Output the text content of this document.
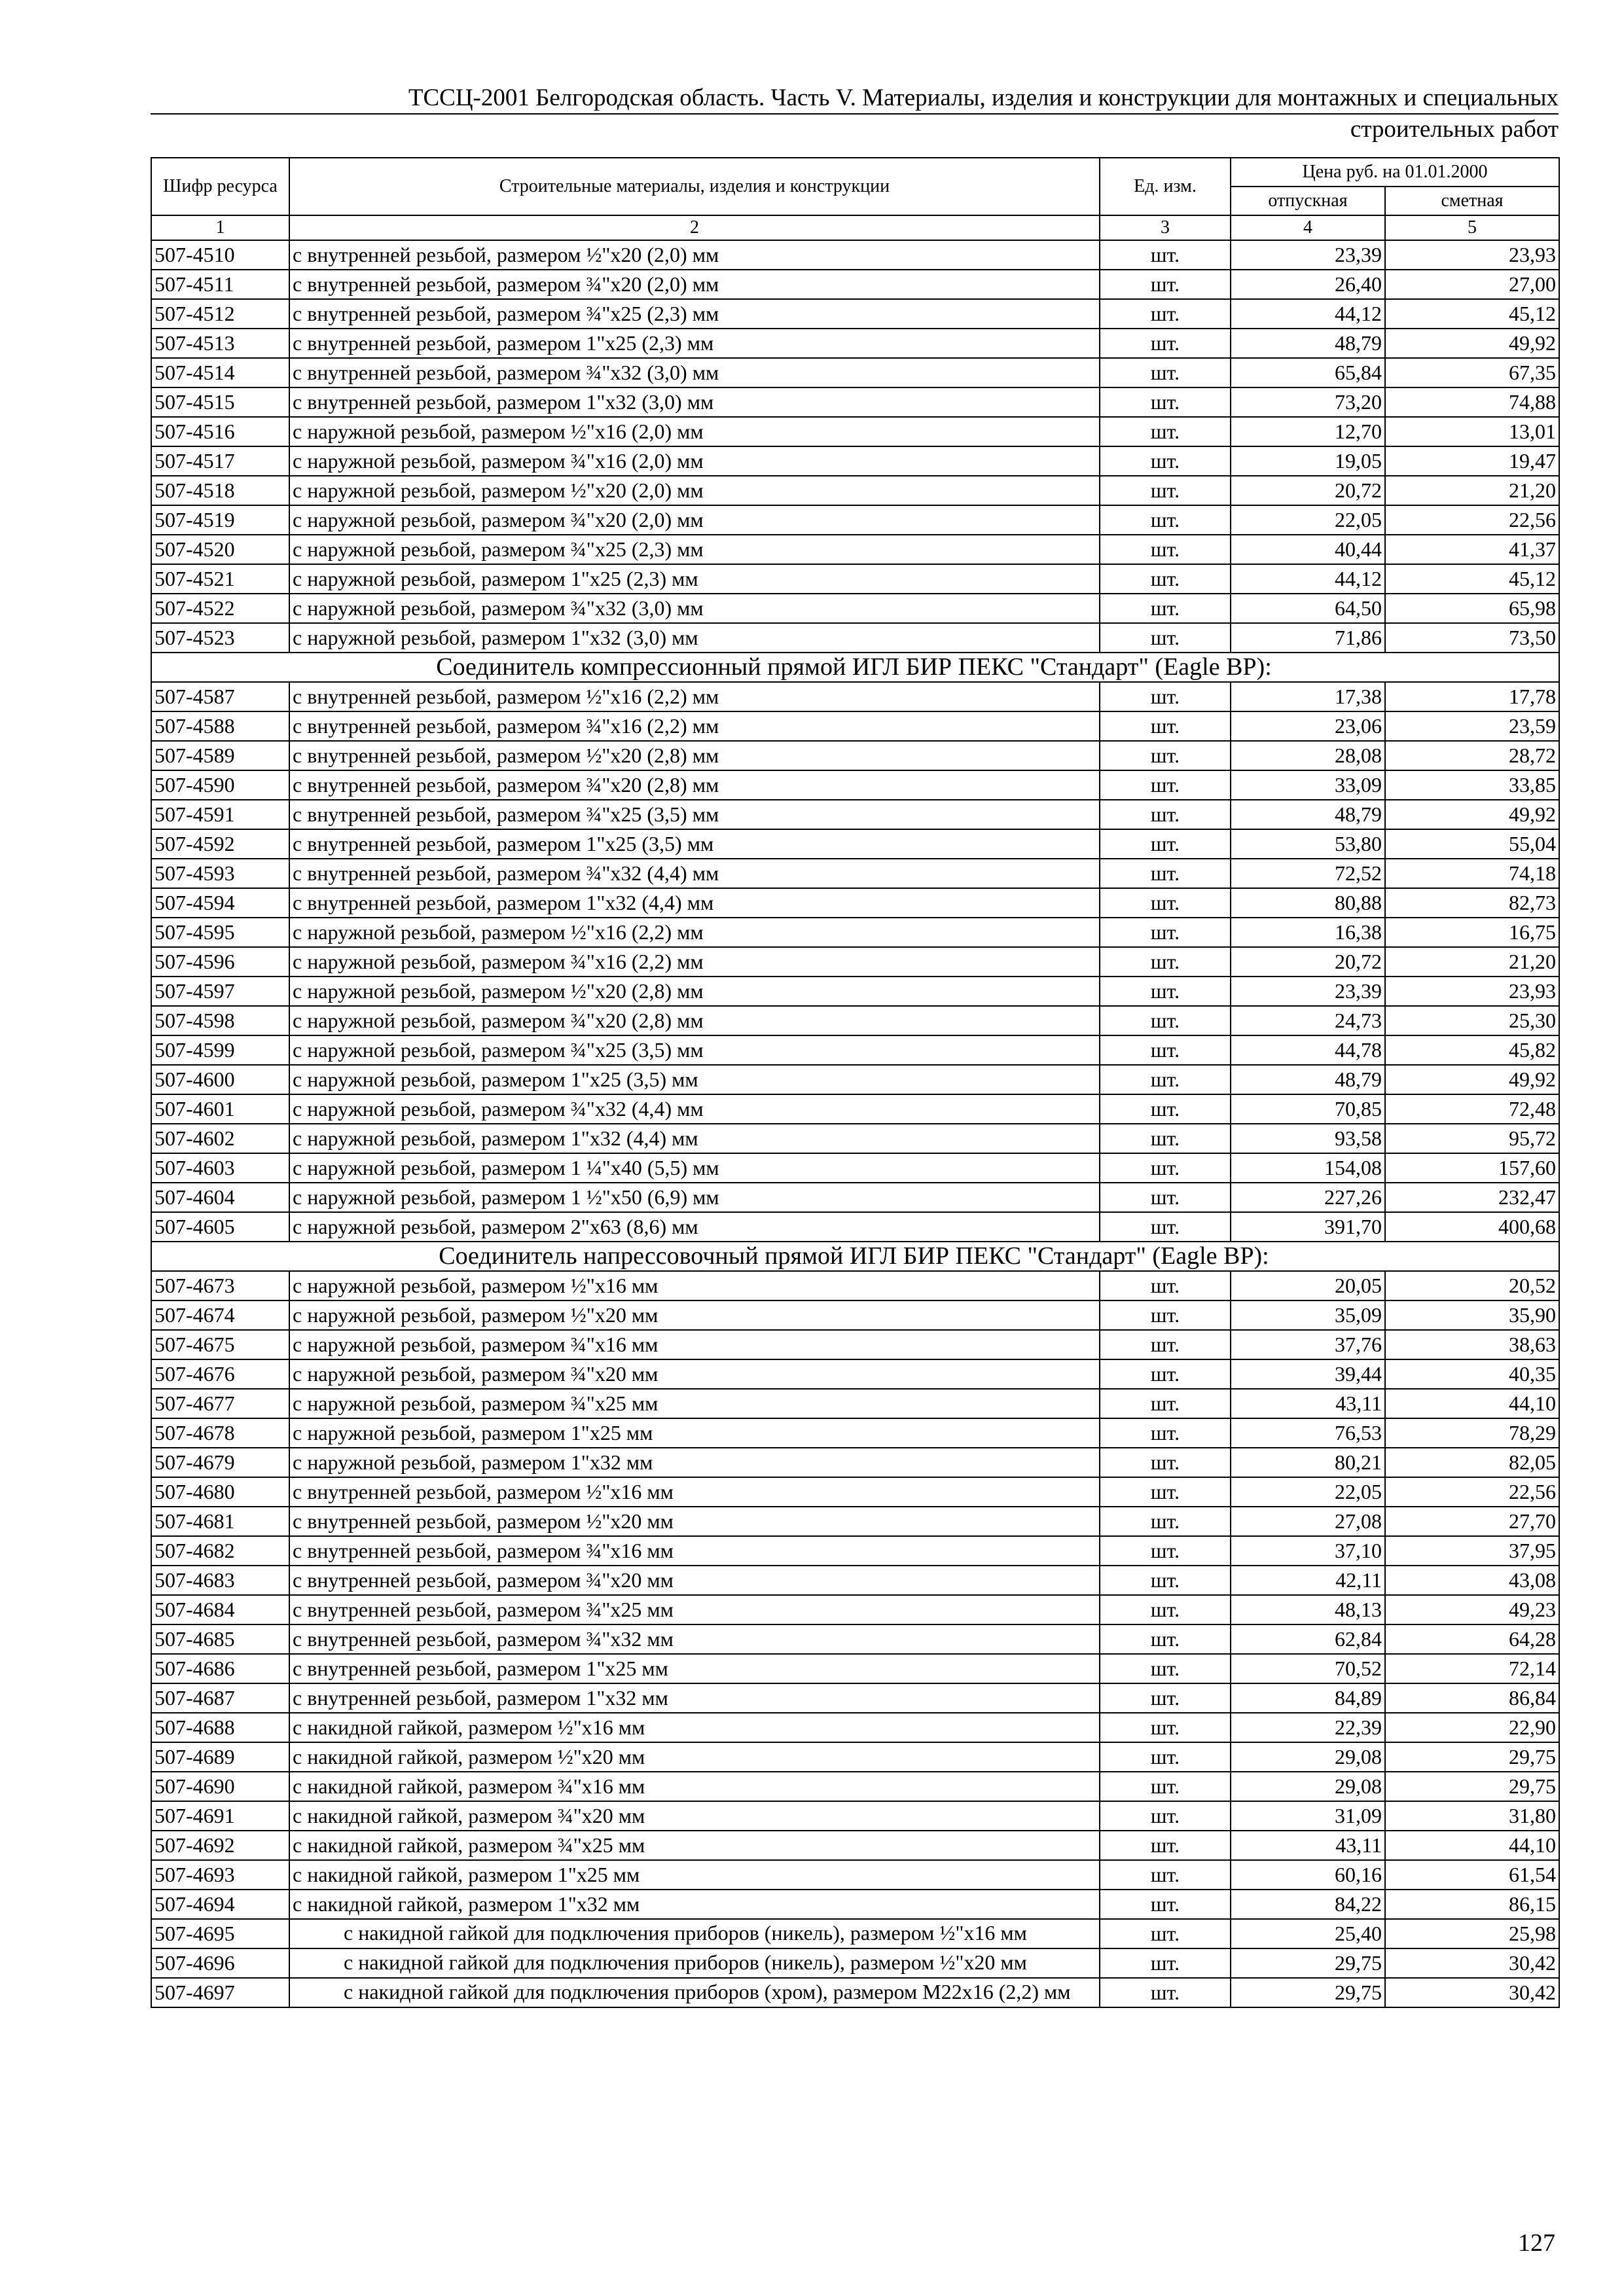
ТССЦ-2001 Белгородская область. Часть V. Материалы, изделия и конструкции для монтажных и специальных
строительных работ
Шифр ресурса	Строительные материалы, изделия и конструкции	Ед. изм.	Цена руб. на 01.01.2000	
			отпускная	сметная
1	2	3	4	5
507-4510	с внутренней резьбой, размером ½"x20 (2,0) мм	шт.	23,39	23,93
507-4511	с внутренней резьбой, размером ¾"x20 (2,0) мм	шт.	26,40	27,00
507-4512	с внутренней резьбой, размером ¾"x25 (2,3) мм	шт.	44,12	45,12
507-4513	с внутренней резьбой, размером 1"x25 (2,3) мм	шт.	48,79	49,92
507-4514	с внутренней резьбой, размером ¾"x32 (3,0) мм	шт.	65,84	67,35
507-4515	с внутренней резьбой, размером 1"x32 (3,0) мм	шт.	73,20	74,88
507-4516	с наружной резьбой, размером ½"x16 (2,0) мм	шт.	12,70	13,01
507-4517	с наружной резьбой, размером ¾"x16 (2,0) мм	шт.	19,05	19,47
507-4518	с наружной резьбой, размером ½"x20 (2,0) мм	шт.	20,72	21,20
507-4519	с наружной резьбой, размером ¾"x20 (2,0) мм	шт.	22,05	22,56
507-4520	с наружной резьбой, размером ¾"x25 (2,3) мм	шт.	40,44	41,37
507-4521	с наружной резьбой, размером 1"x25 (2,3) мм	шт.	44,12	45,12
507-4522	с наружной резьбой, размером ¾"x32 (3,0) мм	шт.	64,50	65,98
507-4523	с наружной резьбой, размером 1"x32 (3,0) мм	шт.	71,86	73,50
Соединитель компрессионный прямой ИГЛ БИР ПЕКС "Стандарт" (Eagle BP):				
507-4587	с внутренней резьбой, размером ½"x16 (2,2) мм	шт.	17,38	17,78
507-4588	с внутренней резьбой, размером ¾"x16 (2,2) мм	шт.	23,06	23,59
507-4589	с внутренней резьбой, размером ½"x20 (2,8) мм	шт.	28,08	28,72
507-4590	с внутренней резьбой, размером ¾"x20 (2,8) мм	шт.	33,09	33,85
507-4591	с внутренней резьбой, размером ¾"x25 (3,5) мм	шт.	48,79	49,92
507-4592	с внутренней резьбой, размером 1"x25 (3,5) мм	шт.	53,80	55,04
507-4593	с внутренней резьбой, размером ¾"x32 (4,4) мм	шт.	72,52	74,18
507-4594	с внутренней резьбой, размером 1"x32 (4,4) мм	шт.	80,88	82,73
507-4595	с наружной резьбой, размером ½"x16 (2,2) мм	шт.	16,38	16,75
507-4596	с наружной резьбой, размером ¾"x16 (2,2) мм	шт.	20,72	21,20
507-4597	с наружной резьбой, размером ½"x20 (2,8) мм	шт.	23,39	23,93
507-4598	с наружной резьбой, размером ¾"x20 (2,8) мм	шт.	24,73	25,30
507-4599	с наружной резьбой, размером ¾"x25 (3,5) мм	шт.	44,78	45,82
507-4600	с наружной резьбой, размером 1"x25 (3,5) мм	шт.	48,79	49,92
507-4601	с наружной резьбой, размером ¾"x32 (4,4) мм	шт.	70,85	72,48
507-4602	с наружной резьбой, размером 1"x32 (4,4) мм	шт.	93,58	95,72
507-4603	с наружной резьбой, размером 1 ¼"x40 (5,5) мм	шт.	154,08	157,60
507-4604	с наружной резьбой, размером 1 ½"x50 (6,9) мм	шт.	227,26	232,47
507-4605	с наружной резьбой, размером 2"x63 (8,6) мм	шт.	391,70	400,68
Соединитель напрессовочный прямой ИГЛ БИР ПЕКС "Стандарт" (Eagle BP):				
507-4673	с наружной резьбой, размером ½"x16 мм	шт.	20,05	20,52
507-4674	с наружной резьбой, размером ½"x20 мм	шт.	35,09	35,90
507-4675	с наружной резьбой, размером ¾"x16 мм	шт.	37,76	38,63
507-4676	с наружной резьбой, размером ¾"x20 мм	шт.	39,44	40,35
507-4677	с наружной резьбой, размером ¾"x25 мм	шт.	43,11	44,10
507-4678	с наружной резьбой, размером 1"x25 мм	шт.	76,53	78,29
507-4679	с наружной резьбой, размером 1"x32 мм	шт.	80,21	82,05
507-4680	с внутренней резьбой, размером ½"x16 мм	шт.	22,05	22,56
507-4681	с внутренней резьбой, размером ½"x20 мм	шт.	27,08	27,70
507-4682	с внутренней резьбой, размером ¾"x16 мм	шт.	37,10	37,95
507-4683	с внутренней резьбой, размером ¾"x20 мм	шт.	42,11	43,08
507-4684	с внутренней резьбой, размером ¾"x25 мм	шт.	48,13	49,23
507-4685	с внутренней резьбой, размером ¾"x32 мм	шт.	62,84	64,28
507-4686	с внутренней резьбой, размером 1"x25 мм	шт.	70,52	72,14
507-4687	с внутренней резьбой, размером 1"x32 мм	шт.	84,89	86,84
507-4688	с накидной гайкой, размером ½"x16 мм	шт.	22,39	22,90
507-4689	с накидной гайкой, размером ½"x20 мм	шт.	29,08	29,75
507-4690	с накидной гайкой, размером ¾"x16 мм	шт.	29,08	29,75
507-4691	с накидной гайкой, размером ¾"x20 мм	шт.	31,09	31,80
507-4692	с накидной гайкой, размером ¾"x25 мм	шт.	43,11	44,10
507-4693	с накидной гайкой, размером 1"x25 мм	шт.	60,16	61,54
507-4694	с накидной гайкой, размером 1"x32 мм	шт.	84,22	86,15
507-4695	с накидной гайкой для подключения приборов (никель), размером ½"x16 мм	шт.	25,40	25,98
507-4696	с накидной гайкой для подключения приборов (никель), размером ½"x20 мм	шт.	29,75	30,42
507-4697	с накидной гайкой для подключения приборов (хром), размером M22x16 (2,2) мм	шт.	29,75	30,42
127
